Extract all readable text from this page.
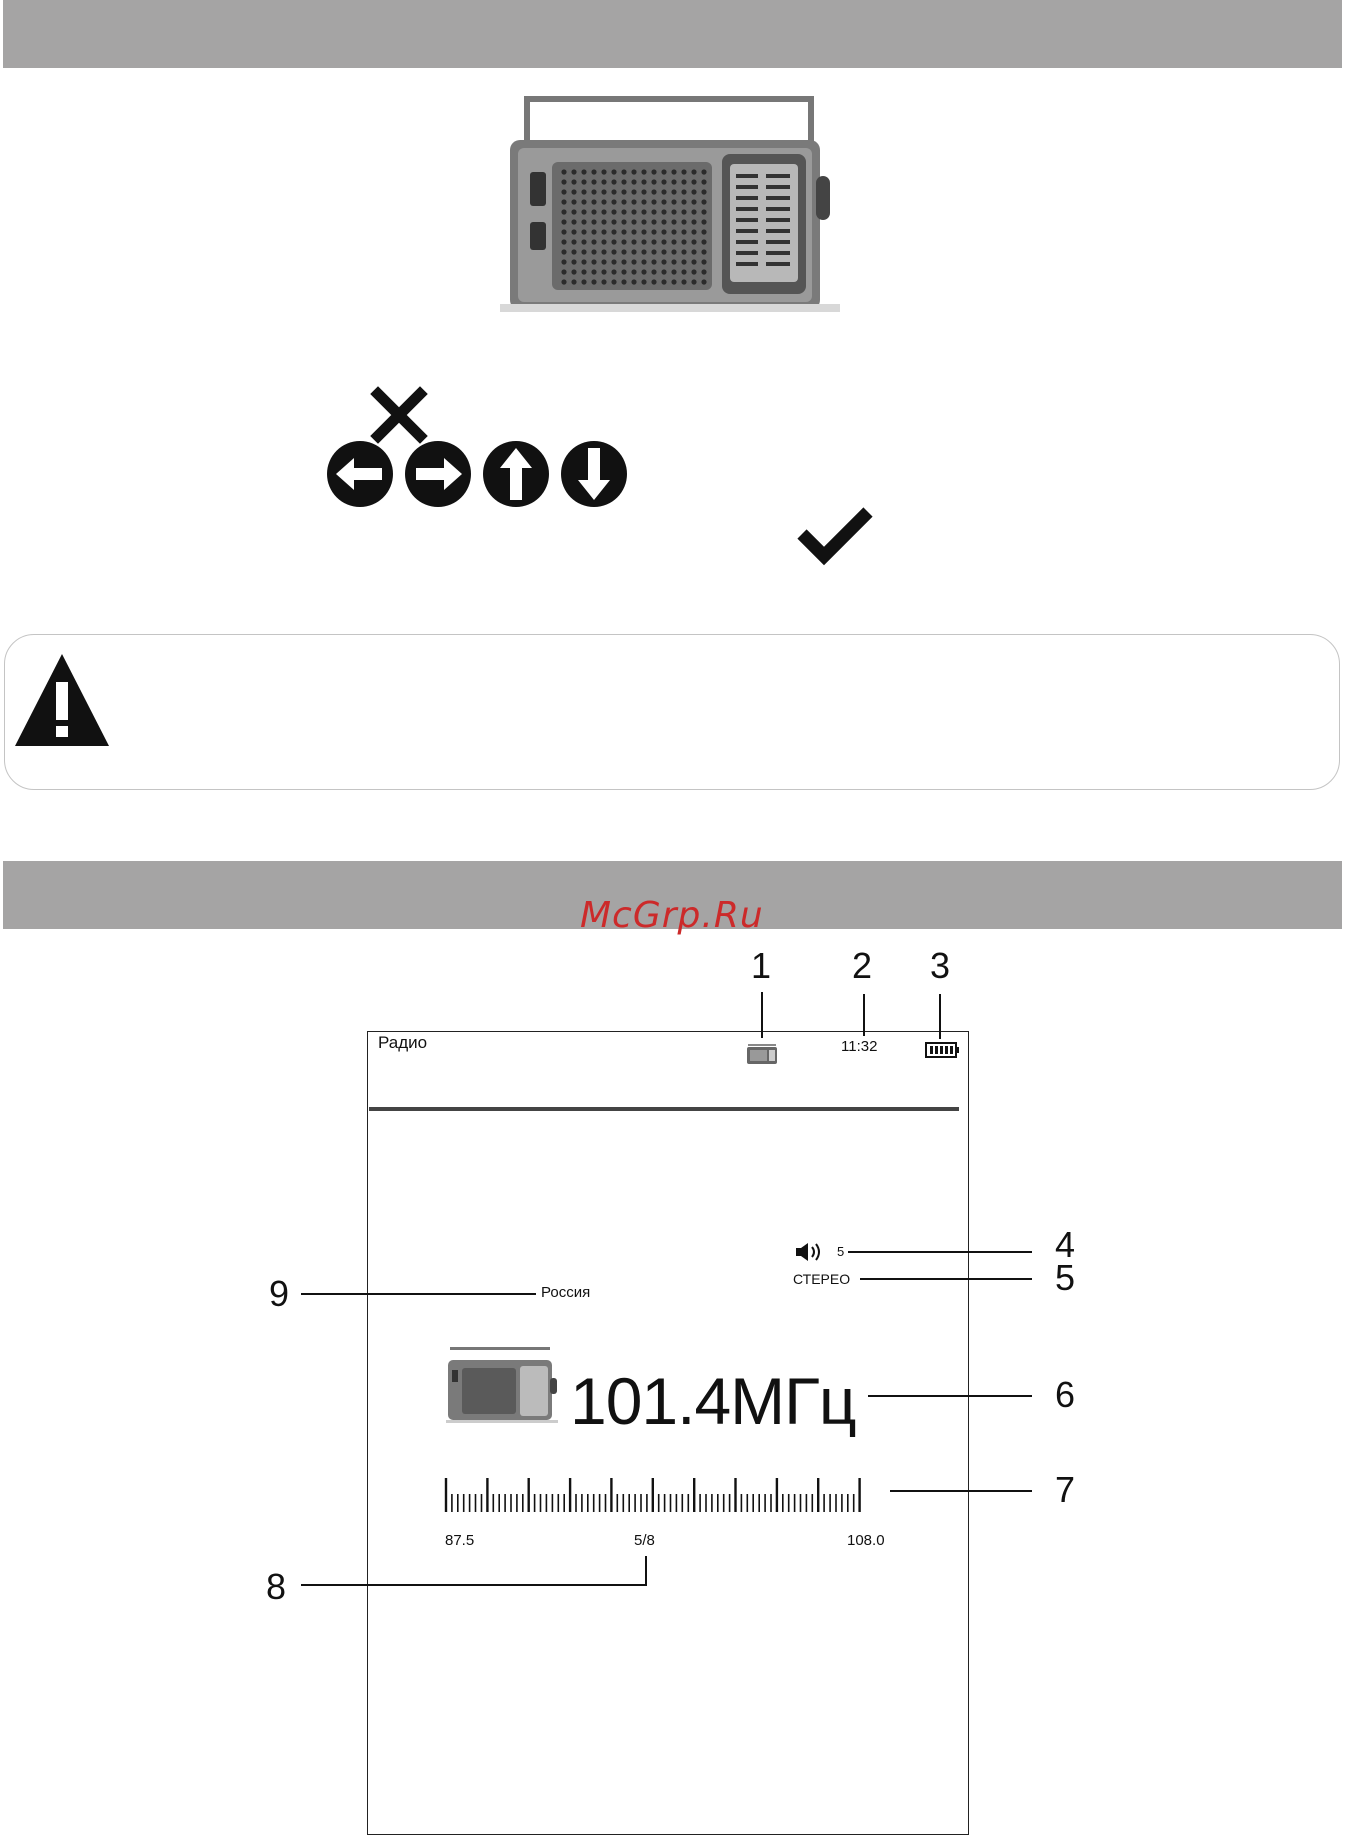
McGrp.Ru
Радио	11:32
5
СТЕРЕО
Россия
101.4МГц
87.5	5/8	108.0
1 2 3
4
5
6
7
8
9
